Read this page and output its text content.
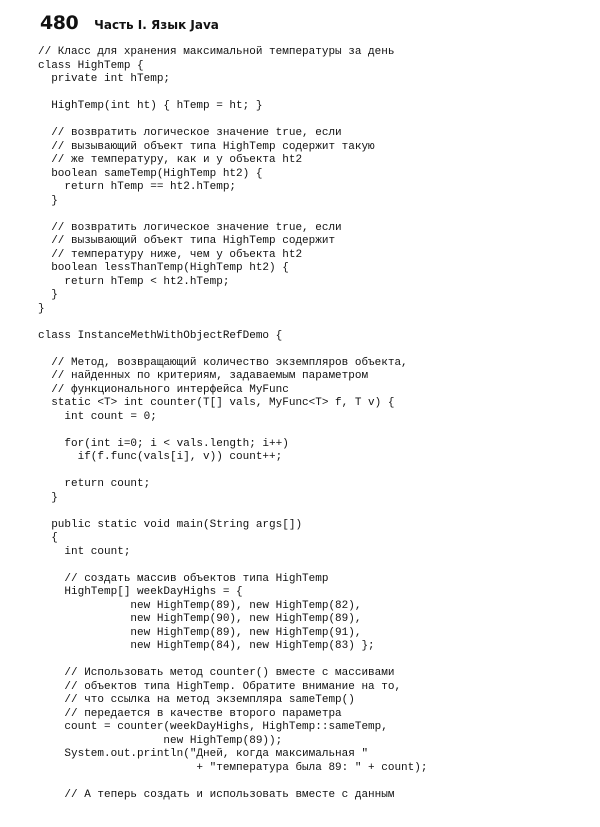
480 Часть I. Язык Java
// Класс для хранения максимальной температуры за день
class HighTemp {
private int hTemp;
HighTemp(int ht) { hTemp = ht; }
// возвратить логическое значение true, если
// вызывающий объект типа HighTemp содержит такую
// же температуру, как и у объекта ht2
boolean sameTemp(HighTemp ht2) {
return hTemp == ht2.hTemp;
}
// возвратить логическое значение true, если
// вызывающий объект типа HighTemp содержит
// температуру ниже, чем у объекта ht2
boolean lessThanTemp(HighTemp ht2) {
return hTemp < ht2.hTemp;
}
}
class InstanceMethWithObjectRefDemo {
// Метод, возвращающий количество экземпляров объекта,
// найденных по критериям, задаваемым параметром
// функционального интерфейса MyFunc
static <T> int counter(T[] vals, MyFunc<T> f, T v) {
int count = 0;
for(int i=0; i < vals.length; i++)
if(f.func(vals[i], v)) count++;
return count;
}
public static void main(String args[])
{
int count;
// создать массив объектов типа HighTemp
HighTemp[] weekDayHighs = {
new HighTemp(89), new HighTemp(82),
new HighTemp(90), new HighTemp(89),
new HighTemp(89), new HighTemp(91),
new HighTemp(84), new HighTemp(83) };
// Использовать метод counter() вместе с массивами
// объектов типа HighTemp. Обратите внимание на то,
// что ссылка на метод экземпляра sameTemp()
// передается в качестве второго параметра
count = counter(weekDayHighs, HighTemp::sameTemp,
new HighTemp(89));
System.out.println("Дней, когда максимальная "
+ "температура была 89: " + count);
// А теперь создать и использовать вместе с данным
